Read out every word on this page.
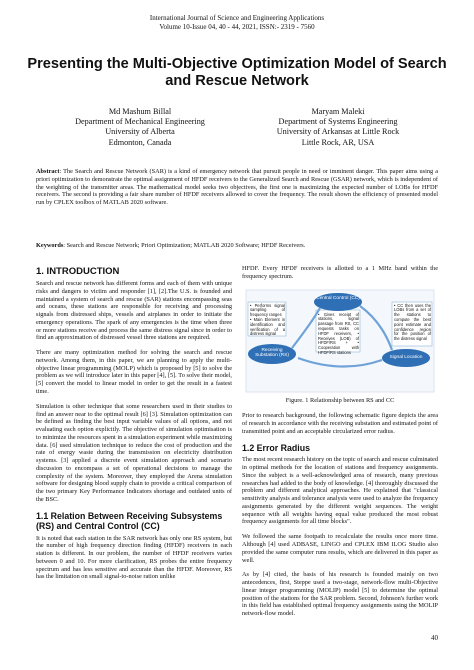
International Journal of Science and Engineering Applications
Volume 10-Issue 04, 40 - 44, 2021, ISSN:- 2319 - 7560
Presenting the Multi-Objective Optimization Model of Search and Rescue Network
Md Mashum Billal
Department of Mechanical Engineering
University of Alberta
Edmonton, Canada
Maryam Maleki
Department of Systems Engineering
University of Arkansas at Little Rock
Little Rock, AR, USA
Abstract: The Search and Rescue Network (SAR) is a kind of emergency network that pursuit people in need or imminent danger. This paper aims using a priori optimization to demonstrate the optimal assignment of HFDF receivers to the Generalized Search and Rescue (GSAR) network, which is independent of the weighting of the transmitter areas. The mathematical model seeks two objectives, the first one is maximizing the expected number of LOBs for HFDF receivers. The second is providing a fair share number of HFDF receivers allowed to cover the frequency. The result shown the efficiency of presented model run by CPLEX toolbox of MATLAB 2020 software.
Keywords: Search and Rescue Network; Priori Optimization; MATLAB 2020 Software; HFDF Receivers.
1. INTRODUCTION

Search and rescue network has different forms and each of them with unique risks and dangers to victim and responder [1], [2].The U.S. is founded and maintained a system of search and rescue (SAR) stations encompassing seas and oceans, these stations are responsible for receiving and processing signals from distressed ships, vessels and airplanes in order to initiate the emergency operations. The spark of any emergencies is the time when three or more stations receive and process the same distress signal since in order to find an approximation of distressed vessel three stations are required.

There are many optimization method for solving the search and rescue network. Among them, in this paper, we are planning to apply the multi-objective linear programming (MOLP) which is proposed by [5] to solve the problem as we will introduce later in this paper [4], [5]. To solve their model, [5] convert the model to linear model in order to get the result in a fastest time.

Simulation is other technique that some researchers used in their studies to find an answer near to the optimal result [6] [3]. Simulation optimization can be defined as finding the best input variable values of all options, and not evaluating each option explicitly. The objective of simulation optimisation is to minimize the resources spent in a simulation experiment while maximizing data. [6] used simulation technique to reduce the cost of production and the rate of energy waste during the transmission on electricity distribution systems. [3] applied a discrete event simulation approach and scenario discussion to encompass a set of operational decisions to manage the complexity of the system. Moreover, they employed the Arena simulation software for designing blood supply chain to provide a critical comparison of the two primary Key Performance Indicators shortage and outdated units of the BSC.

1.1 Relation Between Receiving Subsystems (RS) and Central Control (CC)

It is noted that each station in the SAR network has only one RS system, but the number of high frequency direction finding (HFDF) receivers in each station is different. In our problem, the number of HFDF receivers varies between 0 and 10. For more clarification, RS probes the entire frequency spectrum and has less sensitive and accurate than the HFDF. Moreover, RS has the limitation on small signal-to-noise ration unlike

HFDF. Every HFDF receivers is allotted to a 1 MHz band within the frequency spectrum.

Central Control (CC)
Receiving Substation (RS)	Signal Location
• Performs signal sampling of frequency ranges
• Main Element in identification and verification of a distress signal
• Gives receipt of stations, signal passage from RS, CC requests tasks on HFDF receivers, • Receives (LOB) of HFDF/RS + • Cooperation with HFDF/RS stations
• CC then uses the LOBs from a set of the stations to compute the best point estimate and confidence region for the position of the distress signal
Figure. 1 Relationship between RS and CC

Prior to research background, the following schematic figure depicts the area of research in accordance with the receiving substation and estimated point of transmitted point and an acceptable circularized error radius.

1.2 Error Radius

The most recent research history on the topic of search and rescue culminated in optimal methods for the location of stations and frequency assignments. Since the subject is a well-acknowledged area of research, many previous researches had added to the body of knowledge. [4] thoroughly discussed the problem and different analytical approaches. He explained that "classical sensitivity analysis and tolerance analysis were used to analyze the frequency assignments generated by the different weight sequences. The weight sequence with all weights having equal value produced the most robust frequency assignments for all time blocks".

We followed the same footpath to recalculate the results once more time. Although [4] used ADBASE, LINGO and CPLEX IBM ILOG Studio also provided the same computer runs results, which are delivered in this paper as well.

As by [4] cited, the basis of his research is founded mainly on two antecedences, first, Steppe used a two-stage, network-flow multi-Objective linear integer programming (MOLIP) model [5] to determine the optimal position of the stations for the SAR problem. Second, Johnson's further work in this field has established optimal frequency assignments using the MOLIP network-flow model.

40
